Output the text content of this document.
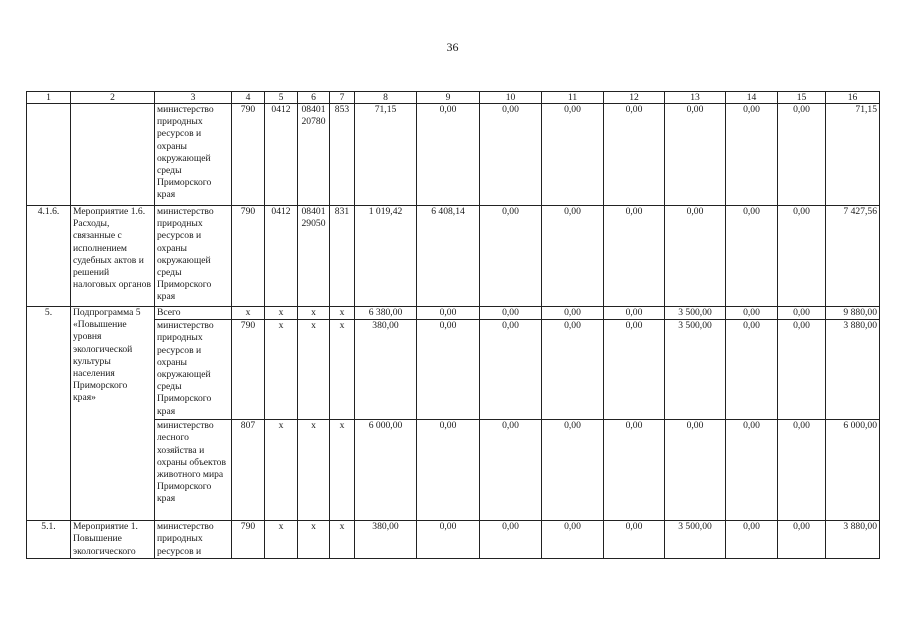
36
1	2	3	4	5	6	7	8	9	10	11	12	13	14	15	16
		министерство природных ресурсов и охраны окружающей среды Приморского края	790	0412	08401 20780	853	71,15	0,00	0,00	0,00	0,00	0,00	0,00	0,00	71,15
4.1.6.	Мероприятие 1.6. Расходы, связанные с исполнением судебных актов и решений налоговых органов	министерство природных ресурсов и охраны окружающей среды Приморского края	790	0412	08401 29050	831	1 019,42	6 408,14	0,00	0,00	0,00	0,00	0,00	0,00	7 427,56
5.	Подпрограмма 5 «Повышение уровня экологической культуры населения Приморского края»	Всего	x	x	x	x	6 380,00	0,00	0,00	0,00	0,00	3 500,00	0,00	0,00	9 880,00
		министерство природных ресурсов и охраны окружающей среды Приморского края	790	x	x	x	380,00	0,00	0,00	0,00	0,00	3 500,00	0,00	0,00	3 880,00
		министерство лесного хозяйства и охраны объектов животного мира Приморского края	807	x	x	x	6 000,00	0,00	0,00	0,00	0,00	0,00	0,00	0,00	6 000,00
5.1.	Мероприятие 1. Повышение экологического	министерство природных ресурсов и	790	x	x	x	380,00	0,00	0,00	0,00	0,00	3 500,00	0,00	0,00	3 880,00
